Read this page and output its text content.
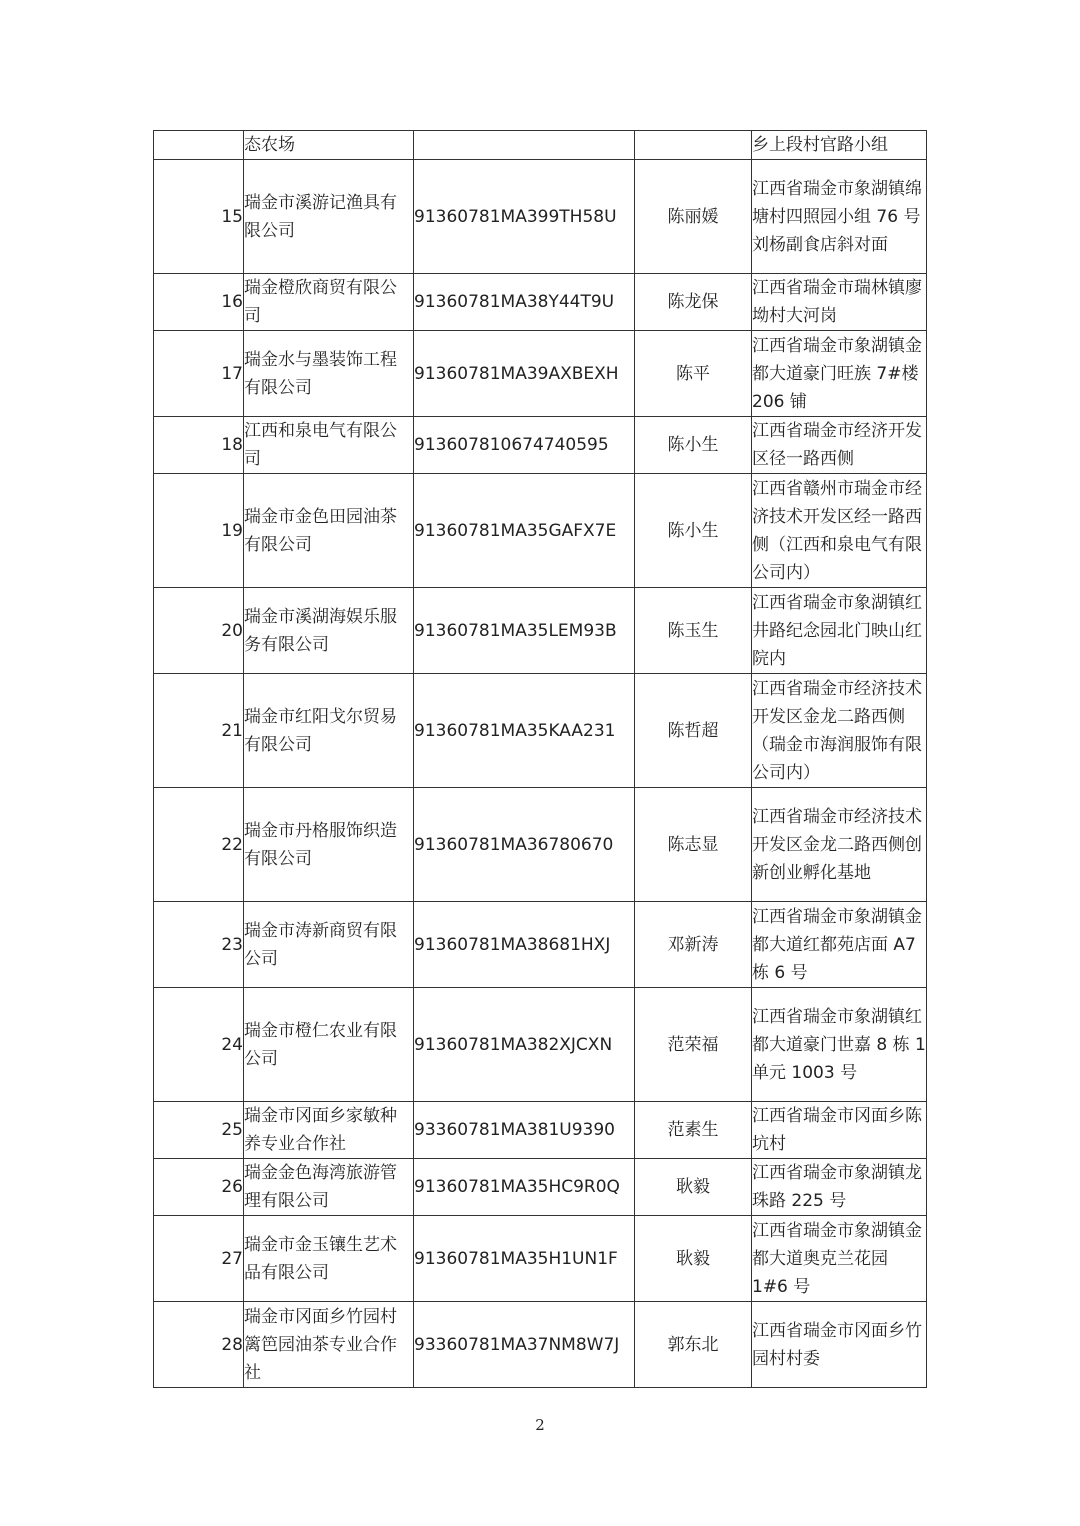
	态农场			乡上段村官路小组
15	瑞金市溪游记渔具有限公司	91360781MA399TH58U	陈丽媛	江西省瑞金市象湖镇绵塘村四照园小组 76 号刘杨副食店斜对面
16	瑞金橙欣商贸有限公司	91360781MA38Y44T9U	陈龙保	江西省瑞金市瑞林镇廖坳村大河岗
17	瑞金水与墨装饰工程有限公司	91360781MA39AXBEXH	陈平	江西省瑞金市象湖镇金都大道豪门旺族 7#楼 206 铺
18	江西和泉电气有限公司	913607810674740595	陈小生	江西省瑞金市经济开发区径一路西侧
19	瑞金市金色田园油茶有限公司	91360781MA35GAFX7E	陈小生	江西省赣州市瑞金市经济技术开发区经一路西侧（江西和泉电气有限公司内）
20	瑞金市溪湖海娱乐服务有限公司	91360781MA35LEM93B	陈玉生	江西省瑞金市象湖镇红井路纪念园北门映山红院内
21	瑞金市红阳戈尔贸易有限公司	91360781MA35KAA231	陈哲超	江西省瑞金市经济技术开发区金龙二路西侧（瑞金市海润服饰有限公司内）
22	瑞金市丹格服饰织造有限公司	91360781MA36780670	陈志显	江西省瑞金市经济技术开发区金龙二路西侧创新创业孵化基地
23	瑞金市涛新商贸有限公司	91360781MA38681HXJ	邓新涛	江西省瑞金市象湖镇金都大道红都苑店面 A7 栋 6 号
24	瑞金市橙仁农业有限公司	91360781MA382XJCXN	范荣福	江西省瑞金市象湖镇红都大道豪门世嘉 8 栋 1 单元 1003 号
25	瑞金市冈面乡家敏种养专业合作社	93360781MA381U9390	范素生	江西省瑞金市冈面乡陈坑村
26	瑞金金色海湾旅游管理有限公司	91360781MA35HC9R0Q	耿毅	江西省瑞金市象湖镇龙珠路 225 号
27	瑞金市金玉镶生艺术品有限公司	91360781MA35H1UN1F	耿毅	江西省瑞金市象湖镇金都大道奥克兰花园 1#6 号
28	瑞金市冈面乡竹园村篱笆园油茶专业合作社	93360781MA37NM8W7J	郭东北	江西省瑞金市冈面乡竹园村村委
2
